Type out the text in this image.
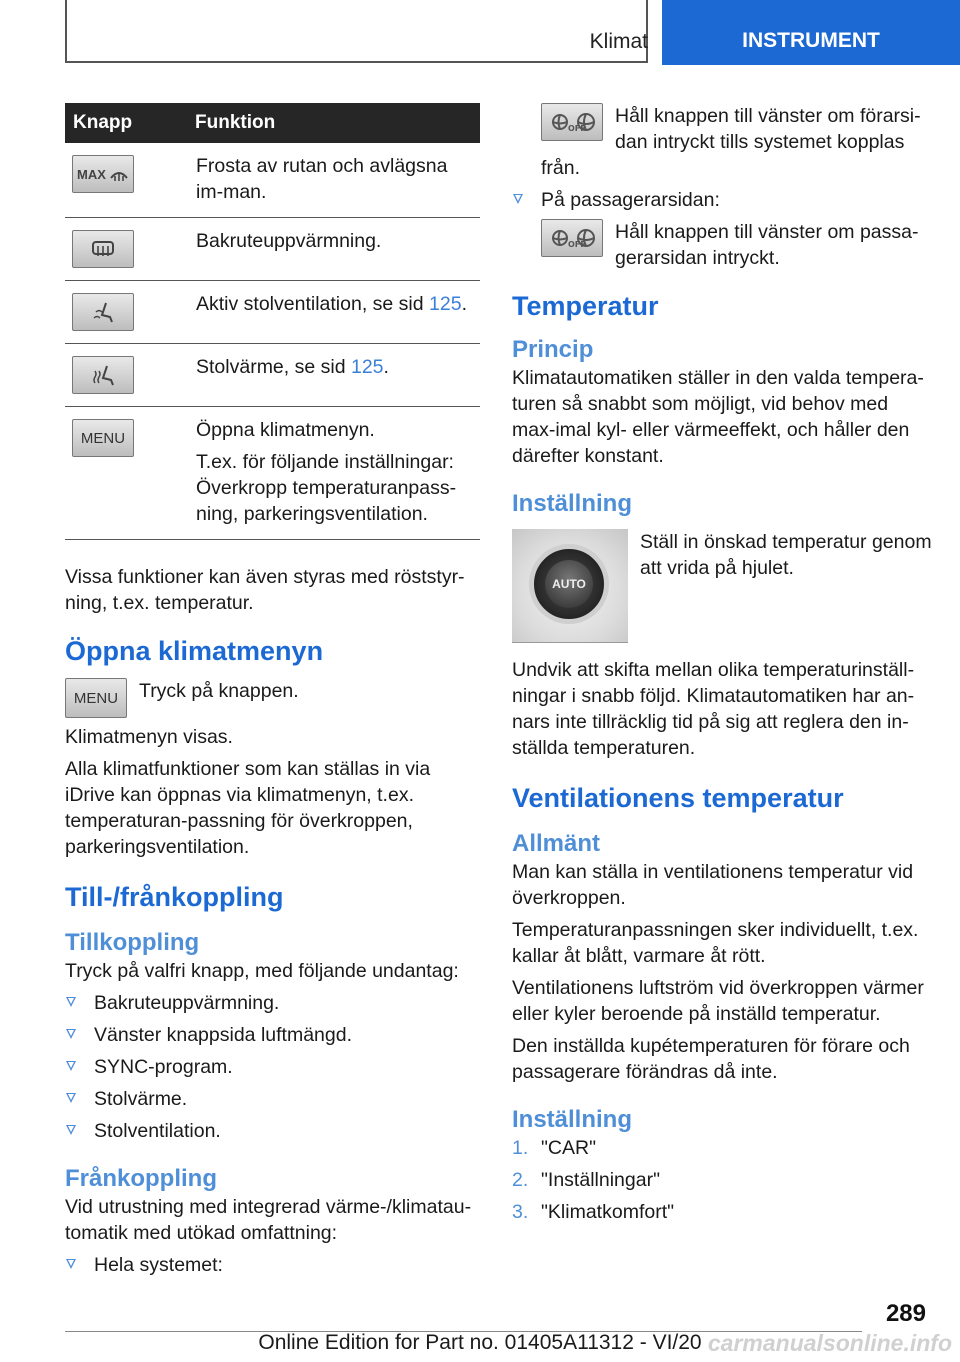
Klimat	INSTRUMENT
Knapp	Funktion

MAX	Frosta av rutan och avlägsna im-man.

Bakruteuppvärmning.

Aktiv stolventilation, se sid 125.

Stolvärme, se sid 125.

MENU	Öppna klimatmenyn.

T.ex. för följande inställningar: Överkropp temperaturanpass-ning, parkeringsventilation.

Vissa funktioner kan även styras med röststyr-ning, t.ex. temperatur.

Öppna klimatmenyn
MENU	Tryck på knappen.

Klimatmenyn visas.

Alla klimatfunktioner som kan ställas in via iDrive kan öppnas via klimatmenyn, t.ex. temperaturan-passning för överkroppen, parkeringsventilation.

Till-/frånkoppling
Tillkoppling

Tryck på valfri knapp, med följande undantag:

Bakruteuppvärmning.
Vänster knappsida luftmängd.
SYNC-program.
Stolvärme.
Stolventilation.
Frånkoppling

Vid utrustning med integrerad värme-/klimatau-tomatik med utökad omfattning:

Hela systemet:
OFF

Håll knappen till vänster om förarsi-dan intryckt tills systemet kopplas från.

På passagerarsidan:
OFF

Håll knappen till vänster om passa-gerarsidan intryckt.

Temperatur
Princip

Klimatautomatiken ställer in den valda tempera-turen så snabbt som möjligt, vid behov med max-imal kyl- eller värmeeffekt, och håller den därefter konstant.

Inställning
AUTO

Ställ in önskad temperatur genom att vrida på hjulet.

Undvik att skifta mellan olika temperaturinställ-ningar i snabb följd. Klimatautomatiken har an-nars inte tillräcklig tid på sig att reglera den in-ställda temperaturen.

Ventilationens temperatur
Allmänt

Man kan ställa in ventilationens temperatur vid överkroppen.

Temperaturanpassningen sker individuellt, t.ex. kallar åt blått, varmare åt rött.

Ventilationens luftström vid överkroppen värmer eller kyler beroende på inställd temperatur.

Den inställda kupétemperaturen för förare och passagerare förändras då inte.

Inställning
1. "CAR"
2. "Inställningar"
3. "Klimatkomfort"
289
Online Edition for Part no. 01405A11312 - VI/20 carmanualsonline.info
